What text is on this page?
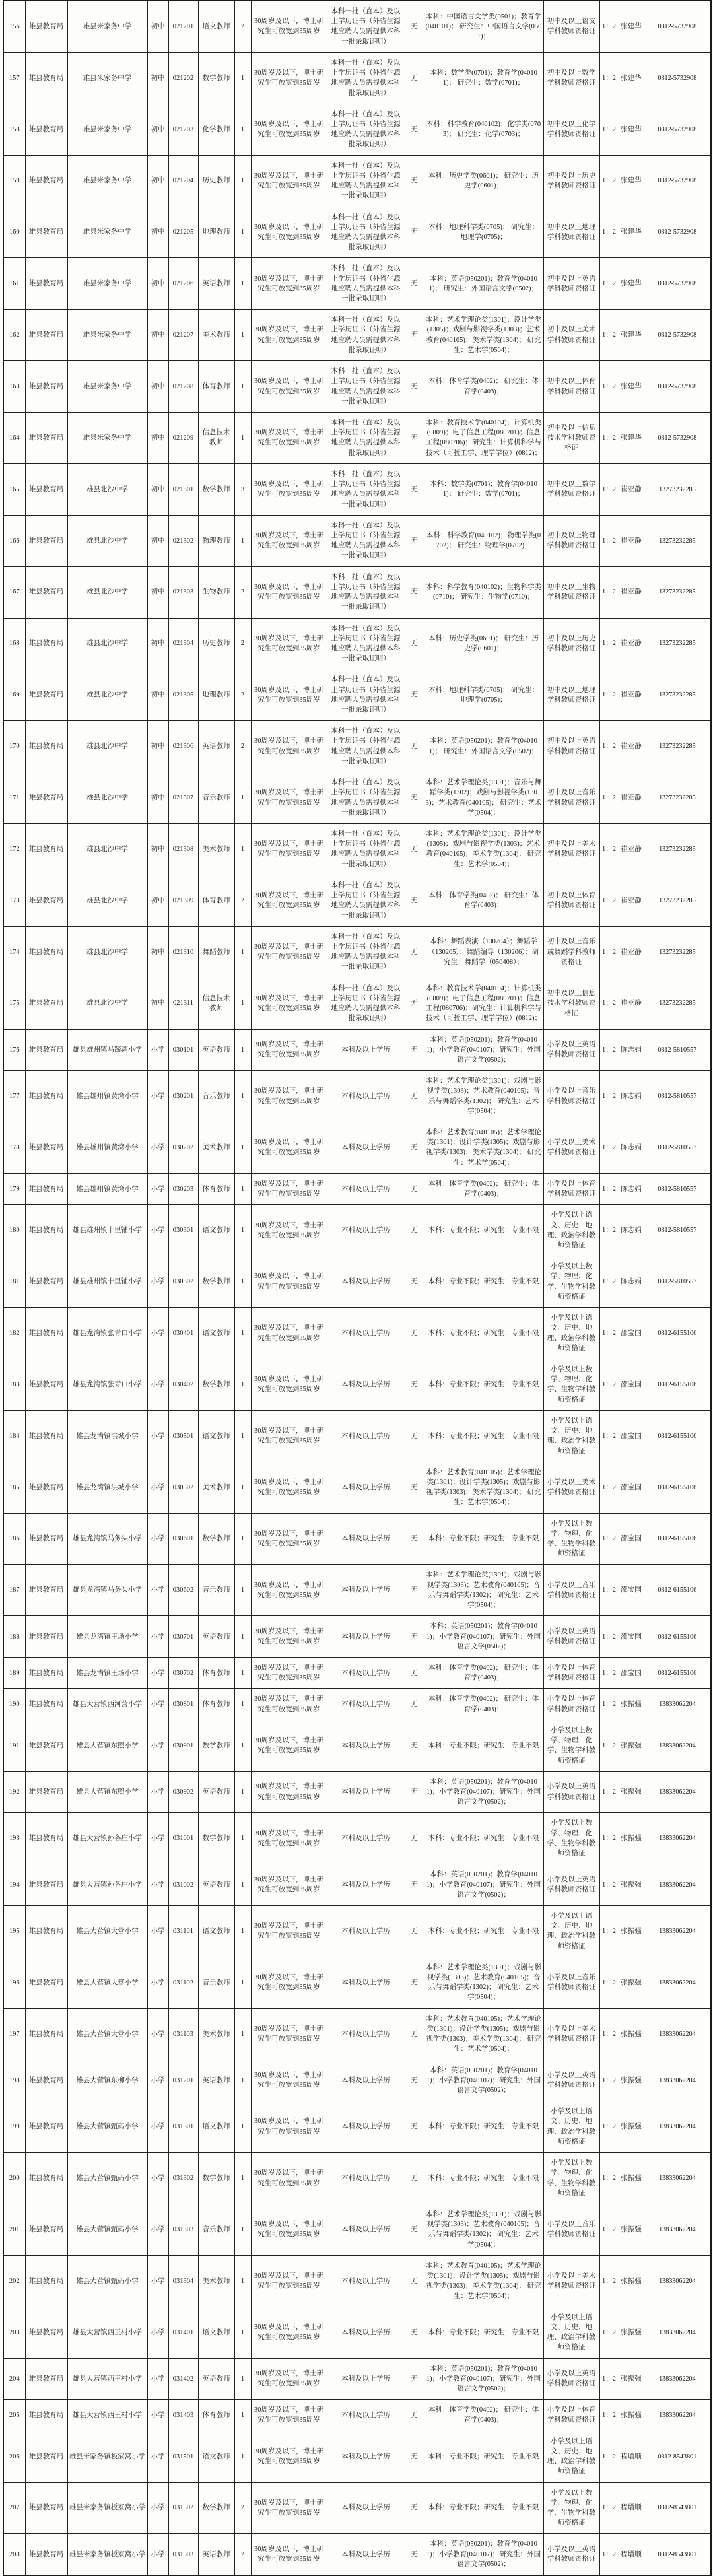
156	雄县教育局	雄县米家务中学	初中	021201	语文教师	2	30周岁及以下，博士研究生可放宽到35周岁	本科一批（直本）及以上学历证书（外省生源地应聘人员需提供本科一批录取证明）	无	本科：中国语言文学类(0501)；教育学(040101)； 研究生：中国语言文学(0501)；	初中及以上语文学科教师资格证	1：2	张建华	0312-5732908
157	雄县教育局	雄县米家务中学	初中	021202	数学教师	1	30周岁及以下，博士研究生可放宽到35周岁	本科一批（直本）及以上学历证书（外省生源地应聘人员需提供本科一批录取证明）	无	本科：数学类(0701)；教育学(040101)； 研究生：数学(0701)；	初中及以上数学学科教师资格证	1：2	张建华	0312-5732908
158	雄县教育局	雄县米家务中学	初中	021203	化学教师	1	30周岁及以下，博士研究生可放宽到35周岁	本科一批（直本）及以上学历证书（外省生源地应聘人员需提供本科一批录取证明）	无	本科：科学教育(040102)；化学类(0703)； 研究生：化学(0703)；	初中及以上化学学科教师资格证	1：2	张建华	0312-5732908
159	雄县教育局	雄县米家务中学	初中	021204	历史教师	1	30周岁及以下，博士研究生可放宽到35周岁	本科一批（直本）及以上学历证书（外省生源地应聘人员需提供本科一批录取证明）	无	本科：历史学类(0601)； 研究生：历史学(0601)；	初中及以上历史学科教师资格证	1：2	张建华	0312-5732908
160	雄县教育局	雄县米家务中学	初中	021205	地理教师	1	30周岁及以下，博士研究生可放宽到35周岁	本科一批（直本）及以上学历证书（外省生源地应聘人员需提供本科一批录取证明）	无	本科：地理科学类(0705)； 研究生：地理学(0705)；	初中及以上地理学科教师资格证	1：2	张建华	0312-5732908
161	雄县教育局	雄县米家务中学	初中	021206	英语教师	1	30周岁及以下，博士研究生可放宽到35周岁	本科一批（直本）及以上学历证书（外省生源地应聘人员需提供本科一批录取证明）	无	本科：英语(050201)；教育学(040101)； 研究生：外国语言文学(0502)；	初中及以上英语学科教师资格证	1：2	张建华	0312-5732908
162	雄县教育局	雄县米家务中学	初中	021207	美术教师	1	30周岁及以下，博士研究生可放宽到35周岁	本科一批（直本）及以上学历证书（外省生源地应聘人员需提供本科一批录取证明）	无	本科：艺术学理论类(1301)；设计学类(1305)；戏剧与影视学类(1303)；艺术教育(040105)；美术学类(1304)； 研究生：艺术学(0504)；	初中及以上美术学科教师资格证	1：2	张建华	0312-5732908
163	雄县教育局	雄县米家务中学	初中	021208	体育教师	1	30周岁及以下，博士研究生可放宽到35周岁	本科一批（直本）及以上学历证书（外省生源地应聘人员需提供本科一批录取证明）	无	本科：体育学类(0402)； 研究生：体育学(0403)；	初中及以上体育学科教师资格证	1：2	张建华	0312-5732908
164	雄县教育局	雄县米家务中学	初中	021209	信息技术教师	1	30周岁及以下，博士研究生可放宽到35周岁	本科一批（直本）及以上学历证书（外省生源地应聘人员需提供本科一批录取证明）	无	本科：教育技术学(040104)；计算机类(0809)；电子信息工程(080701)；信息工程(080706)；研究生：计算机科学与技术（可授工学、理学学位）(0812)；	初中及以上信息技术学科教师资格证	1：2	张建华	0312-5732908
165	雄县教育局	雄县北沙中学	初中	021301	数学教师	3	30周岁及以下，博士研究生可放宽到35周岁	本科一批（直本）及以上学历证书（外省生源地应聘人员需提供本科一批录取证明）	无	本科：数学类(0701)；教育学(040101)； 研究生：数学(0701)；	初中及以上数学学科教师资格证	1：2	崔亚静	13273232285
166	雄县教育局	雄县北沙中学	初中	021302	物理教师	1	30周岁及以下，博士研究生可放宽到35周岁	本科一批（直本）及以上学历证书（外省生源地应聘人员需提供本科一批录取证明）	无	本科：科学教育(040102)；物理学类(0702)； 研究生：物理学(0702)；	初中及以上物理学科教师资格证	1：2	崔亚静	13273232285
167	雄县教育局	雄县北沙中学	初中	021303	生物教师	2	30周岁及以下，博士研究生可放宽到35周岁	本科一批（直本）及以上学历证书（外省生源地应聘人员需提供本科一批录取证明）	无	本科：科学教育(040102)；生物科学类(0710)； 研究生：生物学(0710)；	初中及以上生物学科教师资格证	1：2	崔亚静	13273232285
168	雄县教育局	雄县北沙中学	初中	021304	历史教师	2	30周岁及以下，博士研究生可放宽到35周岁	本科一批（直本）及以上学历证书（外省生源地应聘人员需提供本科一批录取证明）	无	本科：历史学类(0601)； 研究生：历史学(0601)；	初中及以上历史学科教师资格证	1：2	崔亚静	13273232285
169	雄县教育局	雄县北沙中学	初中	021305	地理教师	2	30周岁及以下，博士研究生可放宽到35周岁	本科一批（直本）及以上学历证书（外省生源地应聘人员需提供本科一批录取证明）	无	本科：地理科学类(0705)； 研究生：地理学(0705)；	初中及以上地理学科教师资格证	1：2	崔亚静	13273232285
170	雄县教育局	雄县北沙中学	初中	021306	英语教师	2	30周岁及以下，博士研究生可放宽到35周岁	本科一批（直本）及以上学历证书（外省生源地应聘人员需提供本科一批录取证明）	无	本科：英语(050201)；教育学(040101)； 研究生：外国语言文学(0502)；	初中及以上英语学科教师资格证	1：2	崔亚静	13273232285
171	雄县教育局	雄县北沙中学	初中	021307	音乐教师	1	30周岁及以下，博士研究生可放宽到35周岁	本科一批（直本）及以上学历证书（外省生源地应聘人员需提供本科一批录取证明）	无	本科：艺术学理论类(1301)；音乐与舞蹈学类(1302)；戏剧与影视学类(1303)；艺术教育(040105)； 研究生：艺术学(0504)；	初中及以上音乐学科教师资格证	1：2	崔亚静	13273232285
172	雄县教育局	雄县北沙中学	初中	021308	美术教师	1	30周岁及以下，博士研究生可放宽到35周岁	本科一批（直本）及以上学历证书（外省生源地应聘人员需提供本科一批录取证明）	无	本科：艺术学理论类(1301)；设计学类(1305)；戏剧与影视学类(1303)；艺术教育(040105)；美术学类(1304)； 研究生：艺术学(0504)；	初中及以上美术学科教师资格证	1：2	崔亚静	13273232285
173	雄县教育局	雄县北沙中学	初中	021309	体育教师	2	30周岁及以下，博士研究生可放宽到35周岁	本科一批（直本）及以上学历证书（外省生源地应聘人员需提供本科一批录取证明）	无	本科：体育学类(0402)； 研究生：体育学(0403)；	初中及以上体育学科教师资格证	1：2	崔亚静	13273232285
174	雄县教育局	雄县北沙中学	初中	021310	舞蹈教师	1	30周岁及以下，博士研究生可放宽到35周岁	本科一批（直本）及以上学历证书（外省生源地应聘人员需提供本科一批录取证明）	无	本科：舞蹈表演（130204）；舞蹈学（130205）；舞蹈编导（130206）；研究生：舞蹈学（050408）；	初中及以上音乐或舞蹈学科教师资格证	1：2	崔亚静	13273232285
175	雄县教育局	雄县北沙中学	初中	021311	信息技术教师	1	30周岁及以下，博士研究生可放宽到35周岁	本科一批（直本）及以上学历证书（外省生源地应聘人员需提供本科一批录取证明）	无	本科：教育技术学(040104)；计算机类(0809)；电子信息工程(080701)；信息工程(080706)；研究生：计算机科学与技术（可授工学、理学学位）(0812)；	初中及以上信息技术学科教师资格证	1：2	崔亚静	13273232285
176	雄县教育局	雄县雄州镇马蹄湾小学	小学	030101	英语教师	1	30周岁及以下，博士研究生可放宽到35周岁	本科及以上学历	无	本科：英语(050201)；教育学(040101)；小学教育(040107)；研究生：外国语言文学(0502)；	小学及以上英语学科教师资格证	1：2	陈志娟	0312-5810557
177	雄县教育局	雄县雄州镇黄湾小学	小学	030201	音乐教师	1	30周岁及以下，博士研究生可放宽到35周岁	本科及以上学历	无	本科：艺术学理论类(1301)；戏剧与影视学类(1303)；艺术教育(040105)；音乐与舞蹈学类(1302)； 研究生：艺术学(0504)；	小学及以上音乐学科教师资格证	1：2	陈志娟	0312-5810557
178	雄县教育局	雄县雄州镇黄湾小学	小学	030202	美术教师	1	30周岁及以下，博士研究生可放宽到35周岁	本科及以上学历	无	本科：艺术教育(040105)；艺术学理论类(1301)；设计学类(1305)；戏剧与影视学类(1303)；美术学类(1304)； 研究生：艺术学(0504)；	小学及以上美术学科教师资格证	1：2	陈志娟	0312-5810557
179	雄县教育局	雄县雄州镇黄湾小学	小学	030203	体育教师	1	30周岁及以下，博士研究生可放宽到35周岁	本科及以上学历	无	本科：体育学类(0402)； 研究生：体育学(0403)；	小学及以上体育学科教师资格证	1：2	陈志娟	0312-5810557
180	雄县教育局	雄县雄州镇十里铺小学	小学	030301	语文教师	1	30周岁及以下，博士研究生可放宽到35周岁	本科及以上学历	无	本科：专业不限；研究生：专业不限	小学及以上语文、历史、地理、政治学科教师资格证	1：2	陈志娟	0312-5810557
181	雄县教育局	雄县雄州镇十里铺小学	小学	030302	数学教师	1	30周岁及以下，博士研究生可放宽到35周岁	本科及以上学历	无	本科：专业不限；研究生：专业不限	小学及以上数学、物理、化学、生物学科教师资格证	1：2	陈志娟	0312-5810557
182	雄县教育局	雄县龙湾镇张青口小学	小学	030401	语文教师	1	30周岁及以下，博士研究生可放宽到35周岁	本科及以上学历	无	本科：专业不限；研究生：专业不限	小学及以上语文、历史、地理、政治学科教师资格证	1：2	邵宝国	0312-6155106
183	雄县教育局	雄县龙湾镇张青口小学	小学	030402	数学教师	1	30周岁及以下，博士研究生可放宽到35周岁	本科及以上学历	无	本科：专业不限；研究生：专业不限	小学及以上数学、物理、化学、生物学科教师资格证	1：2	邵宝国	0312-6155106
184	雄县教育局	雄县龙湾镇洪城小学	小学	030501	语文教师	1	30周岁及以下，博士研究生可放宽到35周岁	本科及以上学历	无	本科：专业不限；研究生：专业不限	小学及以上语文、历史、地理、政治学科教师资格证	1：2	邵宝国	0312-6155106
185	雄县教育局	雄县龙湾镇洪城小学	小学	030502	美术教师	1	30周岁及以下，博士研究生可放宽到35周岁	本科及以上学历	无	本科：艺术教育(040105)；艺术学理论类(1301)；设计学类(1305)；戏剧与影视学类(1303)；美术学类(1304)； 研究生：艺术学(0504)；	小学及以上美术学科教师资格证	1：2	邵宝国	0312-6155106
186	雄县教育局	雄县龙湾镇马务头小学	小学	030601	数学教师	1	30周岁及以下，博士研究生可放宽到35周岁	本科及以上学历	无	本科：专业不限；研究生：专业不限	小学及以上数学、物理、化学、生物学科教师资格证	1：2	邵宝国	0312-6155106
187	雄县教育局	雄县龙湾镇马务头小学	小学	030602	音乐教师	1	30周岁及以下，博士研究生可放宽到35周岁	本科及以上学历	无	本科：艺术学理论类(1301)；戏剧与影视学类(1303)；艺术教育(040105)；音乐与舞蹈学类(1302)； 研究生：艺术学(0504)；	小学及以上音乐学科教师资格证	1：2	邵宝国	0312-6155106
188	雄县教育局	雄县龙湾镇王场小学	小学	030701	英语教师	1	30周岁及以下，博士研究生可放宽到35周岁	本科及以上学历	无	本科：英语(050201)；教育学(040101)；小学教育(040107)；研究生：外国语言文学(0502)；	小学及以上英语学科教师资格证	1：2	邵宝国	0312-6155106
189	雄县教育局	雄县龙湾镇王场小学	小学	030702	体育教师	1	30周岁及以下，博士研究生可放宽到35周岁	本科及以上学历	无	本科：体育学类(0402)； 研究生：体育学(0403)；	小学及以上体育学科教师资格证	1：2	邵宝国	0312-6155106
190	雄县教育局	雄县大营镇西河营小学	小学	030801	体育教师	1	30周岁及以下，博士研究生可放宽到35周岁	本科及以上学历	无	本科：体育学类(0402)； 研究生：体育学(0403)；	小学及以上体育学科教师资格证	1：2	张振强	13833062204
191	雄县教育局	雄县大营镇东照小学	小学	030901	数学教师	1	30周岁及以下，博士研究生可放宽到35周岁	本科及以上学历	无	本科：专业不限；研究生：专业不限	小学及以上数学、物理、化学、生物学科教师资格证	1：2	张振强	13833062204
192	雄县教育局	雄县大营镇东照小学	小学	030902	英语教师	1	30周岁及以下，博士研究生可放宽到35周岁	本科及以上学历	无	本科：英语(050201)；教育学(040101)；小学教育(040107)；研究生：外国语言文学(0502)；	小学及以上英语学科教师资格证	1：2	张振强	13833062204
193	雄县教育局	雄县大营镇孙各庄小学	小学	031001	数学教师	1	30周岁及以下，博士研究生可放宽到35周岁	本科及以上学历	无	本科：专业不限；研究生：专业不限	小学及以上数学、物理、化学、生物学科教师资格证	1：2	张振强	13833062204
194	雄县教育局	雄县大营镇孙各庄小学	小学	031002	英语教师	1	30周岁及以下，博士研究生可放宽到35周岁	本科及以上学历	无	本科：英语(050201)；教育学(040101)；小学教育(040107)；研究生：外国语言文学(0502)；	小学及以上英语学科教师资格证	1：2	张振强	13833062204
195	雄县教育局	雄县大营镇大营小学	小学	031101	语文教师	1	30周岁及以下，博士研究生可放宽到35周岁	本科及以上学历	无	本科：专业不限；研究生：专业不限	小学及以上语文、历史、地理、政治学科教师资格证	1：2	张振强	13833062204
196	雄县教育局	雄县大营镇大营小学	小学	031102	音乐教师	1	30周岁及以下，博士研究生可放宽到35周岁	本科及以上学历	无	本科：艺术学理论类(1301)；戏剧与影视学类(1303)；艺术教育(040105)；音乐与舞蹈学类(1302)； 研究生：艺术学(0504)；	小学及以上音乐学科教师资格证	1：2	张振强	13833062204
197	雄县教育局	雄县大营镇大营小学	小学	031103	美术教师	1	30周岁及以下，博士研究生可放宽到35周岁	本科及以上学历	无	本科：艺术教育(040105)；艺术学理论类(1301)；设计学类(1305)；戏剧与影视学类(1303)；美术学类(1304)； 研究生：艺术学(0504)；	小学及以上美术学科教师资格证	1：2	张振强	13833062204
198	雄县教育局	雄县大营镇东柳小学	小学	031201	英语教师	1	30周岁及以下，博士研究生可放宽到35周岁	本科及以上学历	无	本科：英语(050201)；教育学(040101)；小学教育(040107)；研究生：外国语言文学(0502)；	小学及以上英语学科教师资格证	1：2	张振强	13833062204
199	雄县教育局	雄县大营镇甄码小学	小学	031301	语文教师	1	30周岁及以下，博士研究生可放宽到35周岁	本科及以上学历	无	本科：专业不限；研究生：专业不限	小学及以上语文、历史、地理、政治学科教师资格证	1：2	张振强	13833062204
200	雄县教育局	雄县大营镇甄码小学	小学	031302	数学教师	1	30周岁及以下，博士研究生可放宽到35周岁	本科及以上学历	无	本科：专业不限；研究生：专业不限	小学及以上数学、物理、化学、生物学科教师资格证	1：2	张振强	13833062204
201	雄县教育局	雄县大营镇甄码小学	小学	031303	音乐教师	1	30周岁及以下，博士研究生可放宽到35周岁	本科及以上学历	无	本科：艺术学理论类(1301)；戏剧与影视学类(1303)；艺术教育(040105)；音乐与舞蹈学类(1302)； 研究生：艺术学(0504)；	小学及以上音乐学科教师资格证	1：2	张振强	13833062204
202	雄县教育局	雄县大营镇甄码小学	小学	031304	美术教师	1	30周岁及以下，博士研究生可放宽到35周岁	本科及以上学历	无	本科：艺术教育(040105)；艺术学理论类(1301)；设计学类(1305)；戏剧与影视学类(1303)；美术学类(1304)； 研究生：艺术学(0504)；	小学及以上美术学科教师资格证	1：2	张振强	13833062204
203	雄县教育局	雄县大营镇西王村小学	小学	031401	语文教师	1	30周岁及以下，博士研究生可放宽到35周岁	本科及以上学历	无	本科：专业不限；研究生：专业不限	小学及以上语文、历史、地理、政治学科教师资格证	1：2	张振强	13833062204
204	雄县教育局	雄县大营镇西王村小学	小学	031402	英语教师	1	30周岁及以下，博士研究生可放宽到35周岁	本科及以上学历	无	本科：英语(050201)；教育学(040101)；小学教育(040107)；研究生：外国语言文学(0502)；	小学及以上英语学科教师资格证	1：2	张振强	13833062204
205	雄县教育局	雄县大营镇西王村小学	小学	031403	体育教师	1	30周岁及以下，博士研究生可放宽到35周岁	本科及以上学历	无	本科：体育学类(0402)； 研究生：体育学(0403)；	小学及以上体育学科教师资格证	1：2	张振强	13833062204
206	雄县教育局	雄县米家务镇板家窝小学	小学	031501	语文教师	1	30周岁及以下，博士研究生可放宽到35周岁	本科及以上学历	无	本科：专业不限；研究生：专业不限	小学及以上语文、历史、地理、政治学科教师资格证	1：2	程增顺	0312-8543801
207	雄县教育局	雄县米家务镇板家窝小学	小学	031502	数学教师	2	30周岁及以下，博士研究生可放宽到35周岁	本科及以上学历	无	本科：专业不限；研究生：专业不限	小学及以上数学、物理、化学、生物学科教师资格证	1：2	程增顺	0312-8543801
208	雄县教育局	雄县米家务镇板家窝小学	小学	031503	英语教师	2	30周岁及以下，博士研究生可放宽到35周岁	本科及以上学历	无	本科：英语(050201)；教育学(040101)；小学教育(040107)；研究生：外国语言文学(0502)；	小学及以上英语学科教师资格证	1：2	程增顺	0312-8543801
